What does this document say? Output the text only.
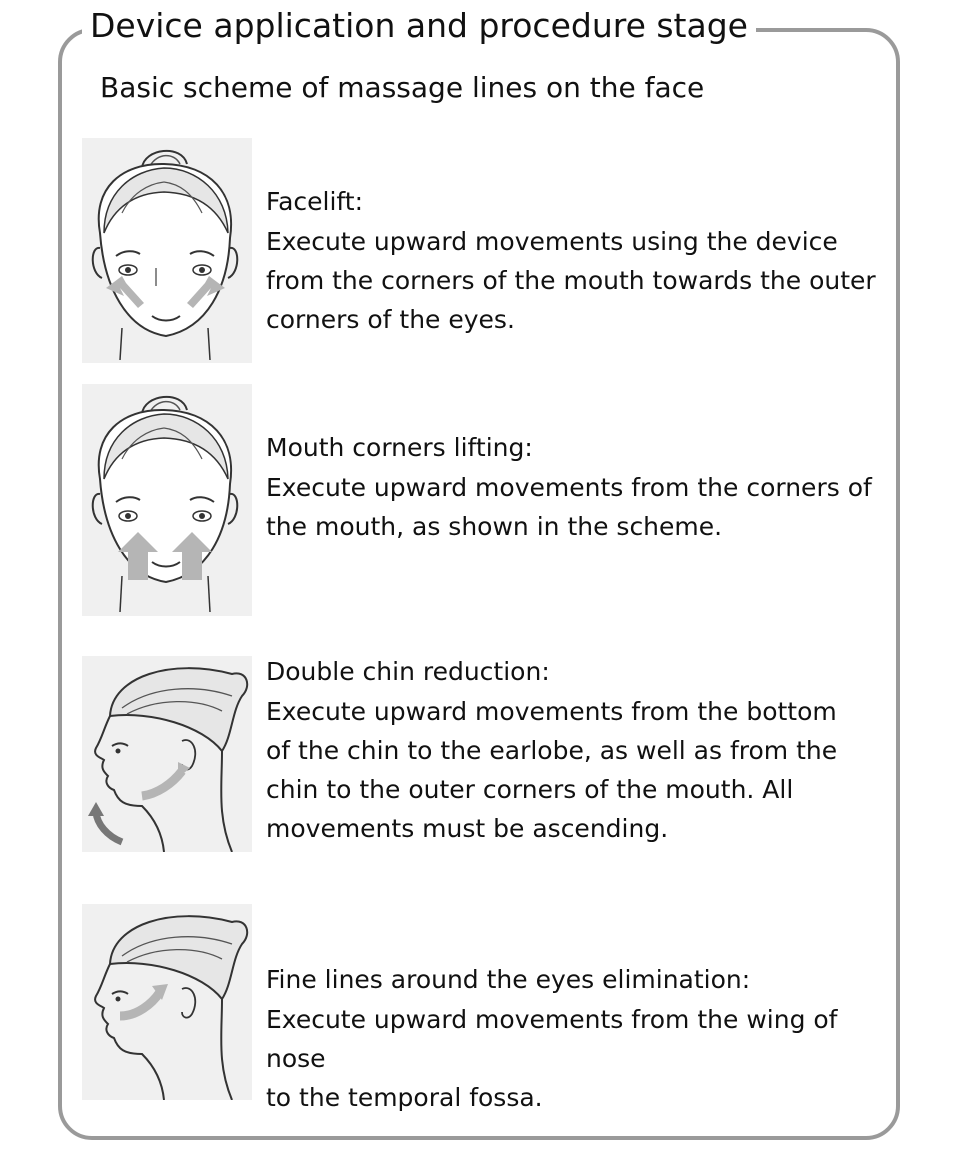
Device application and procedure stage
Basic scheme of massage lines on the face
Facelift:
Execute upward movements using the device
from the corners of the mouth towards the outer
corners of the eyes.
Mouth corners lifting:
Execute upward movements from the corners of
the mouth, as shown in the scheme.
Double chin reduction:
Execute upward movements from the bottom
of the chin to the earlobe, as well as from the
chin to the outer corners of the mouth. All
movements must be ascending.
Fine lines around the eyes elimination:
Execute upward movements from the wing of nose
to the temporal fossa.
